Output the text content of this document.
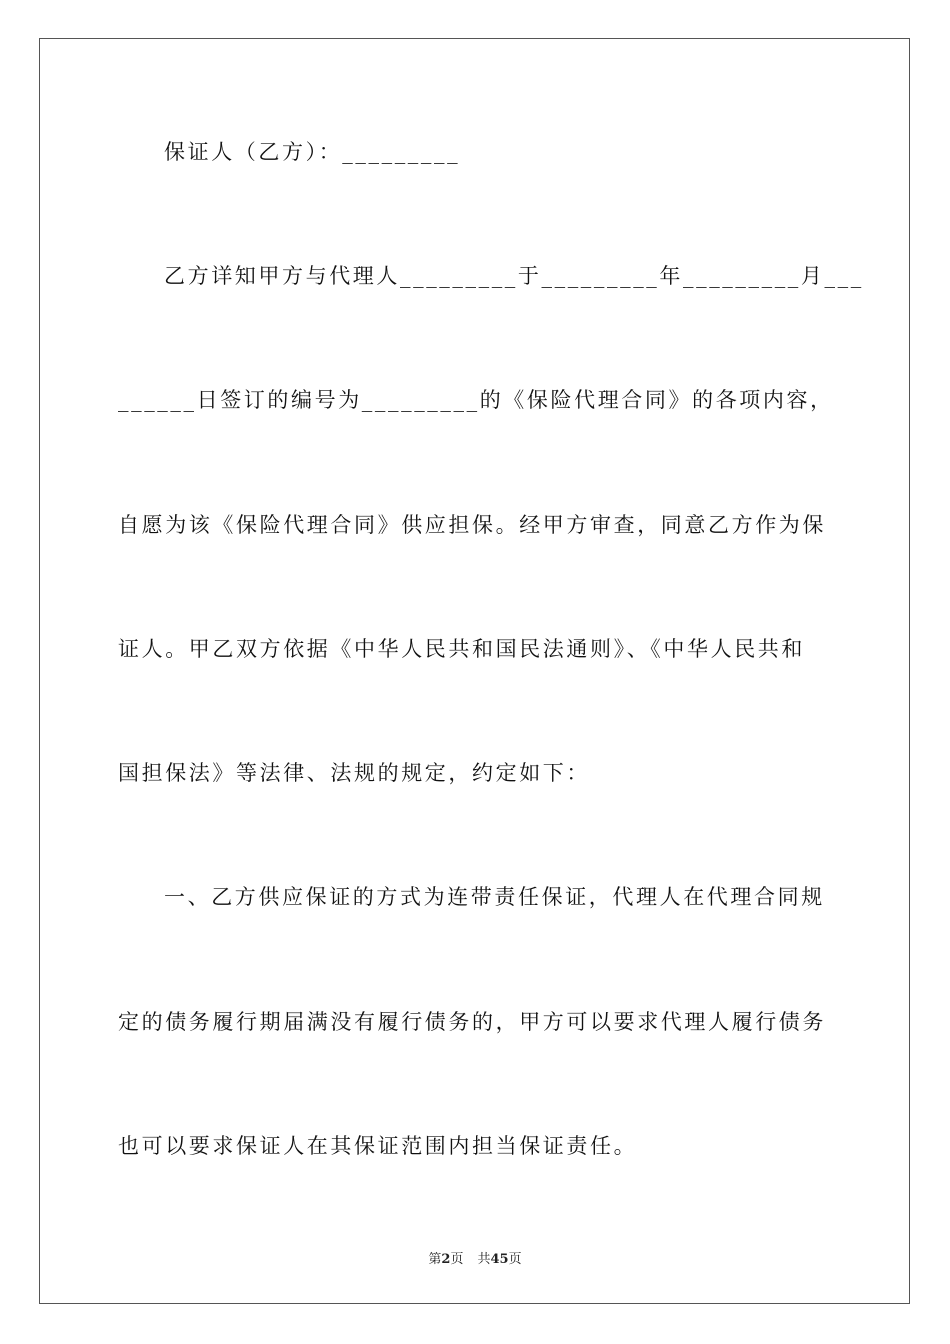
保证人（乙方）：_________
乙方详知甲方与代理人_________于_________年_________月___
______日签订的编号为_________的《保险代理合同》的各项内容，
自愿为该《保险代理合同》供应担保。经甲方审查，同意乙方作为保
证人。甲乙双方依据《中华人民共和国民法通则》、《中华人民共和
国担保法》等法律、法规的规定，约定如下：
一、乙方供应保证的方式为连带责任保证，代理人在代理合同规
定的债务履行期届满没有履行债务的，甲方可以要求代理人履行债务
也可以要求保证人在其保证范围内担当保证责任。
第2页 共45页
